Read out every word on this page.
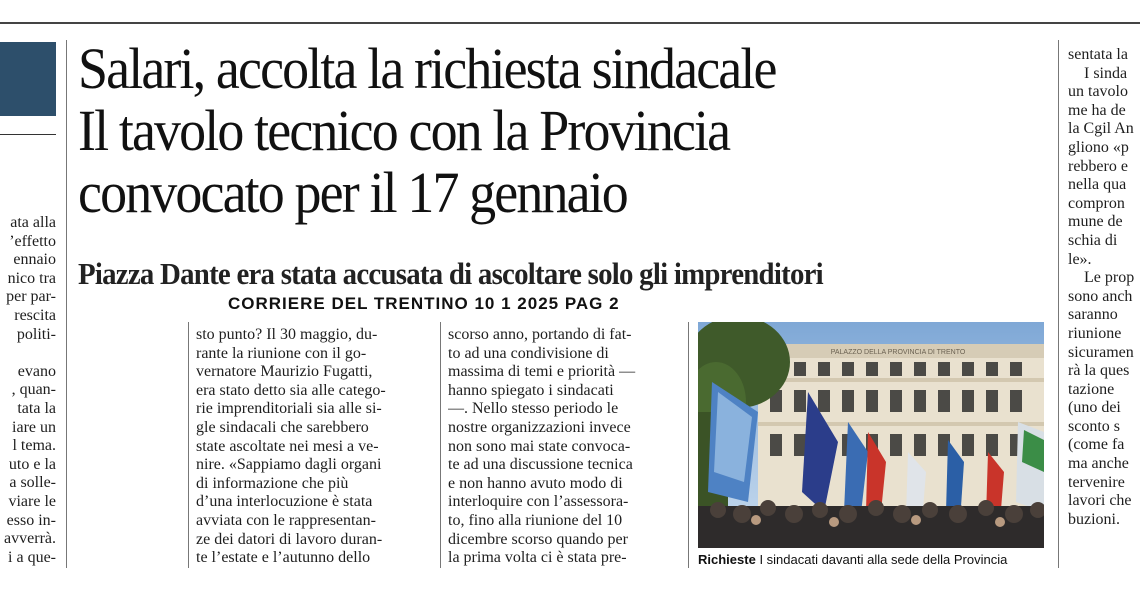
ata alla
’effetto
ennaio
nico tra
per par-
rescita
politi-
evano
, quan-
tata la
iare un
l tema.
uto e la
a solle-
viare le
esso in-
avverrà.
i a que-
Salari, accolta la richiesta sindacale
Il tavolo tecnico con la Provincia
convocato per il 17 gennaio
Piazza Dante era stata accusata di ascoltare solo gli imprenditori
CORRIERE DEL TRENTINO 10 1 2025 PAG 2
sto punto? Il 30 maggio, du-
rante la riunione con il go-
vernatore Maurizio Fugatti,
era stato detto sia alle catego-
rie imprenditoriali sia alle si-
gle sindacali che sarebbero
state ascoltate nei mesi a ve-
nire. «Sappiamo dagli organi
di informazione che più
d’una interlocuzione è stata
avviata con le rappresentan-
ze dei datori di lavoro duran-
te l’estate e l’autunno dello
scorso anno, portando di fat-
to ad una condivisione di
massima di temi e priorità —
hanno spiegato i sindacati
—. Nello stesso periodo le
nostre organizzazioni invece
non sono mai state convoca-
te ad una discussione tecnica
e non hanno avuto modo di
interloquire con l’assessora-
to, fino alla riunione del 10
dicembre scorso quando per
la prima volta ci è stata pre-
PALAZZO DELLA PROVINCIA DI TRENTO
Richieste I sindacati davanti alla sede della Provincia
sentata la
I sinda
un tavolo
me ha de
la Cgil An
gliono «p
rebbero e
nella qua
compron
mune de
schia di
le».
Le prop
sono anch
saranno
riunione
sicuramen
rà la ques
tazione
(uno dei
sconto s
(come fa
ma anche
tervenire
lavori che
buzioni.
